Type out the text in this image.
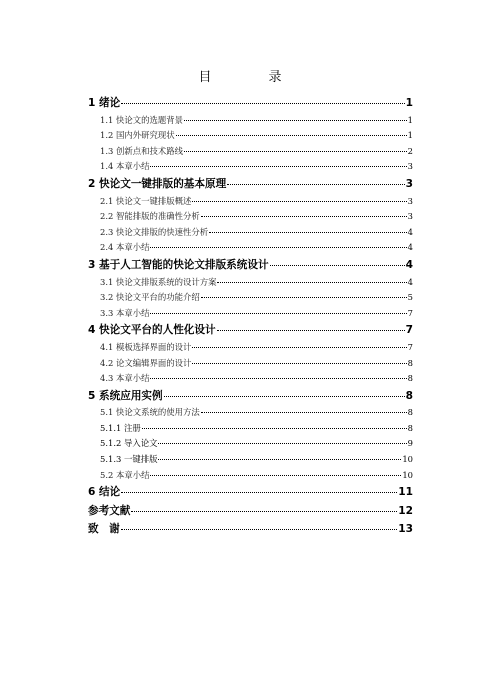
目　录
1 绪论	1
1.1 快论文的选题背景	1
1.2 国内外研究现状	1
1.3 创新点和技术路线	2
1.4 本章小结	3
2 快论文一键排版的基本原理	3
2.1 快论文一键排版概述	3
2.2 智能排版的准确性分析	3
2.3 快论文排版的快速性分析	4
2.4 本章小结	4
3 基于人工智能的快论文排版系统设计	4
3.1 快论文排版系统的设计方案	4
3.2 快论文平台的功能介绍	5
3.3 本章小结	7
4 快论文平台的人性化设计	7
4.1 模板选择界面的设计	7
4.2 论文编辑界面的设计	8
4.3 本章小结	8
5 系统应用实例	8
5.1 快论文系统的使用方法	8
5.1.1 注册	8
5.1.2 导入论文	9
5.1.3 一键排版	10
5.2 本章小结	10
6 结论	11
参考文献	12
致　谢	13
